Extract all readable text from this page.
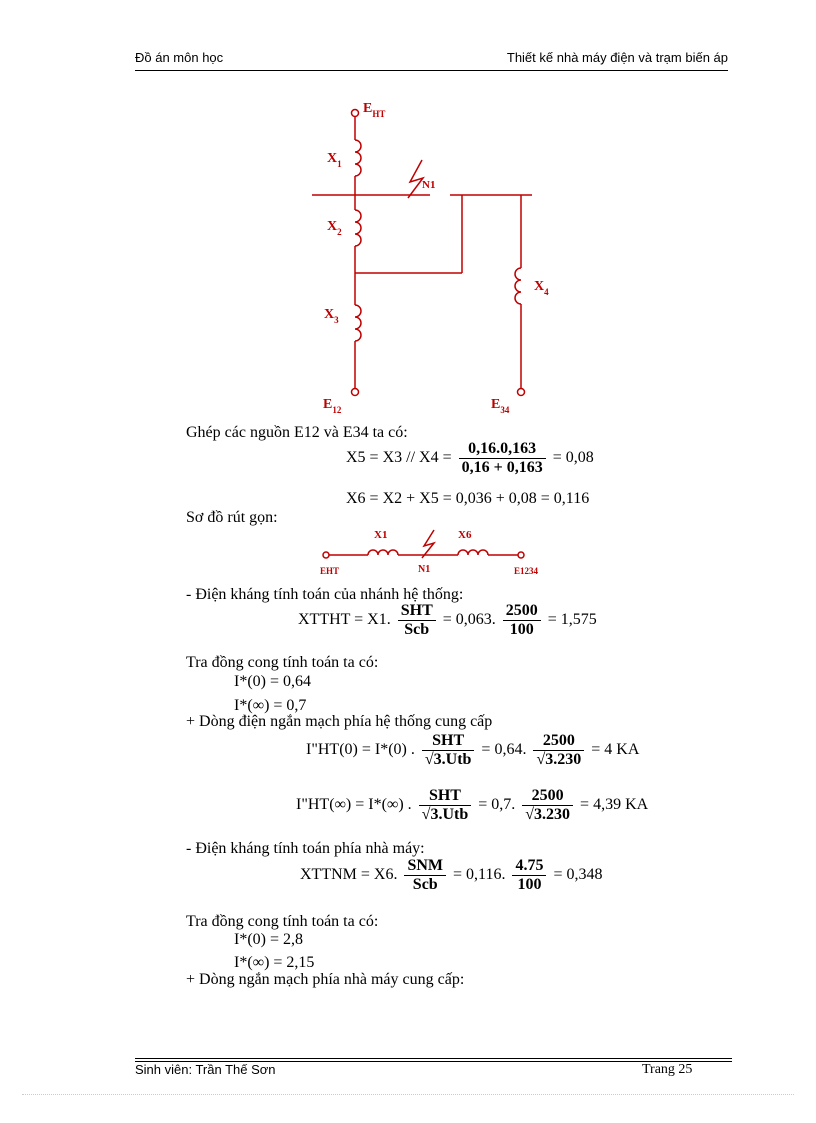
Đồ án môn học	Thiết kế nhà máy điện và trạm biến áp
$E_{HT}$
$X_1$
N1
$X_2$
$X_4$
$X_3$
$E_{12}$	$E_{34}$
Ghép các nguồn E12 và E34 ta có:
$X5 = X3 // X4 = \frac{0,16.0,163}{0,16 + 0,163} = 0,08$
X6 = X2 + X5 = 0,036 + 0,08 = 0,116
Sơ đồ rút gọn:
X1	X6
EHT	N1	E1234
- Điện kháng tính toán của nhánh hệ thống:
XTTHT = X1. $\frac{\text{SHT}}{\text{Scb}} = 0,063$. $\frac{2500}{100} = 1,575$
Tra đồng cong tính toán ta có:
I*(0) = 0,64
I*(∞) = 0,7
+ Dòng điện ngắn mạch phía hệ thống cung cấp
I"HT(0) = I*(0) . $\frac{\text{SHT}}{\text{√3.Utb}} = 0,64$. $\frac{2500}{√3.230} = 4$ KA
I"HT(∞) = I*(∞) . $\frac{\text{SHT}}{\text{√3.Utb}} = 0,7$. $\frac{2500}{√3.230} = 4,39$ KA
- Điện kháng tính toán phía nhà máy:
XTTNM = X6. $\frac{\text{SNM}}{\text{Scb}} = 0,116$. $\frac{4.75}{100} = 0,348$
Tra đồng cong tính toán ta có:
I*(0) = 2,8
I*(∞) = 2,15
+ Dòng ngắn mạch phía nhà máy cung cấp:
Sinh viên: Trần Thế Sơn	Trang 25
